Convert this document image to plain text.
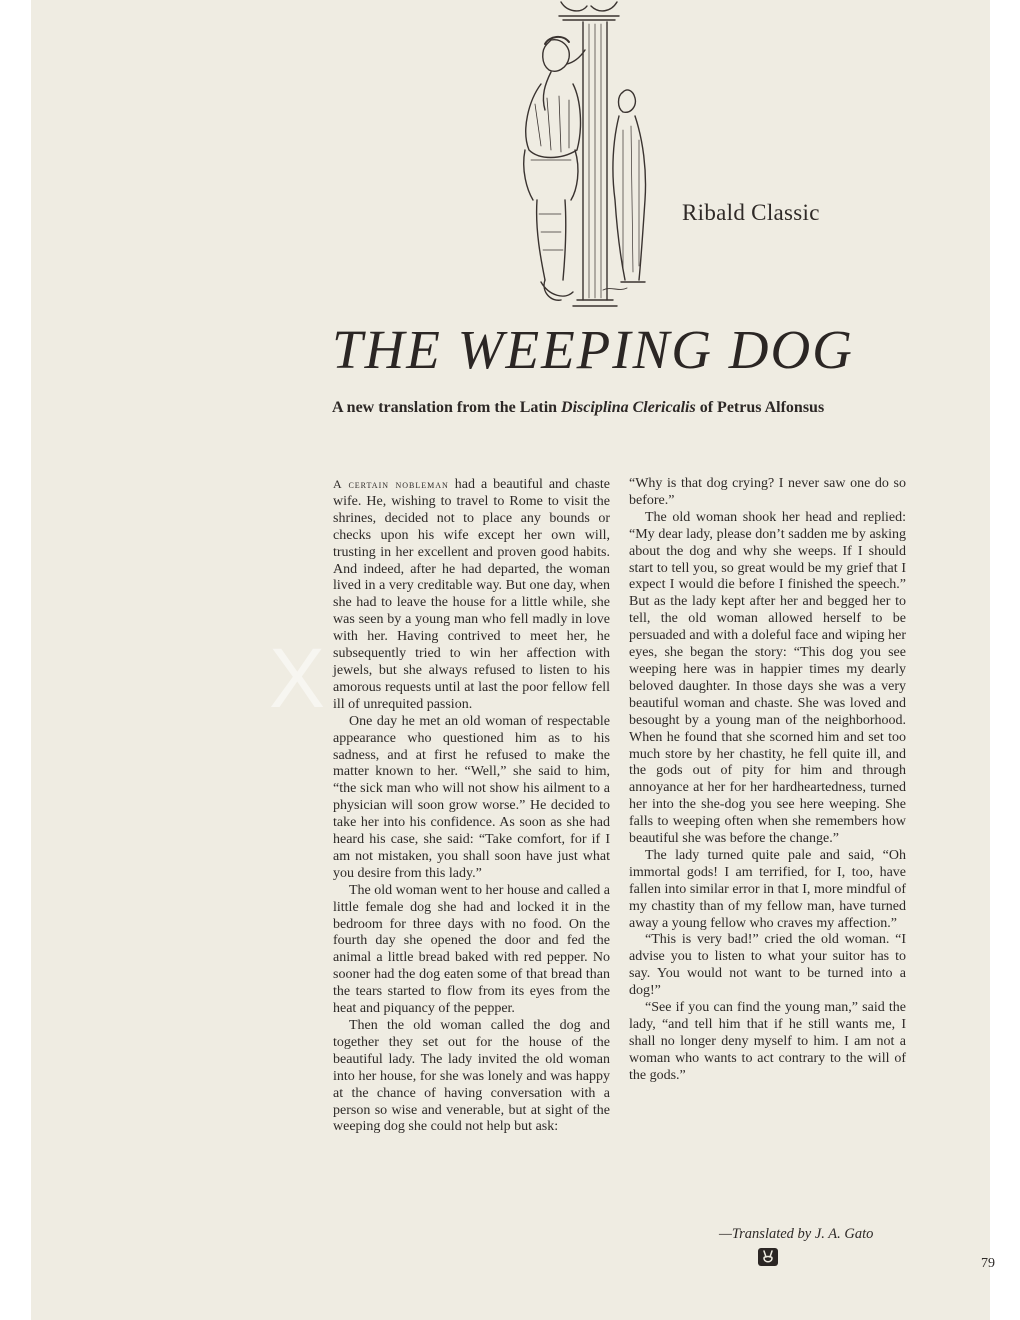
Ribald Classic
THE WEEPING DOG
A new translation from the Latin Disciplina Clericalis of Petrus Alfonsus

A certain nobleman had a beautiful and chaste wife. He, wishing to travel to Rome to visit the shrines, decided not to place any bounds or checks upon his wife except her own will, trusting in her excellent and proven good habits. And indeed, after he had departed, the woman lived in a very creditable way. But one day, when she had to leave the house for a little while, she was seen by a young man who fell madly in love with her. Having contrived to meet her, he subsequently tried to win her affection with jewels, but she always refused to listen to his amorous requests until at last the poor fellow fell ill of unrequited passion.

One day he met an old woman of respectable appearance who questioned him as to his sadness, and at first he refused to make the matter known to her. “Well,” she said to him, “the sick man who will not show his ailment to a physician will soon grow worse.” He decided to take her into his confidence. As soon as she had heard his case, she said: “Take comfort, for if I am not mistaken, you shall soon have just what you desire from this lady.”

The old woman went to her house and called a little female dog she had and locked it in the bedroom for three days with no food. On the fourth day she opened the door and fed the animal a little bread baked with red pepper. No sooner had the dog eaten some of that bread than the tears started to flow from its eyes from the heat and piquancy of the pepper.

Then the old woman called the dog and together they set out for the house of the beautiful lady. The lady invited the old woman into her house, for she was lonely and was happy at the chance of having conversation with a person so wise and venerable, but at sight of the weeping dog she could not help but ask:

“Why is that dog crying? I never saw one do so before.”

The old woman shook her head and replied: “My dear lady, please don’t sadden me by asking about the dog and why she weeps. If I should start to tell you, so great would be my grief that I expect I would die before I finished the speech.” But as the lady kept after her and begged her to tell, the old woman allowed herself to be persuaded and with a doleful face and wiping her eyes, she began the story: “This dog you see weeping here was in happier times my dearly beloved daughter. In those days she was a very beautiful woman and chaste. She was loved and besought by a young man of the neighborhood. When he found that she scorned him and set too much store by her chastity, he fell quite ill, and the gods out of pity for him and through annoyance at her for her hardheartedness, turned her into the she-dog you see here weeping. She falls to weeping often when she remembers how beautiful she was before the change.”

The lady turned quite pale and said, “Oh immortal gods! I am terrified, for I, too, have fallen into similar error in that I, more mindful of my chastity than of my fellow man, have turned away a young fellow who craves my affection.”

“This is very bad!” cried the old woman. “I advise you to listen to what your suitor has to say. You would not want to be turned into a dog!”

“See if you can find the young man,” said the lady, “and tell him that if he still wants me, I shall no longer deny myself to him. I am not a woman who wants to act contrary to the will of the gods.”

—Translated by J. A. Gato
79
X
